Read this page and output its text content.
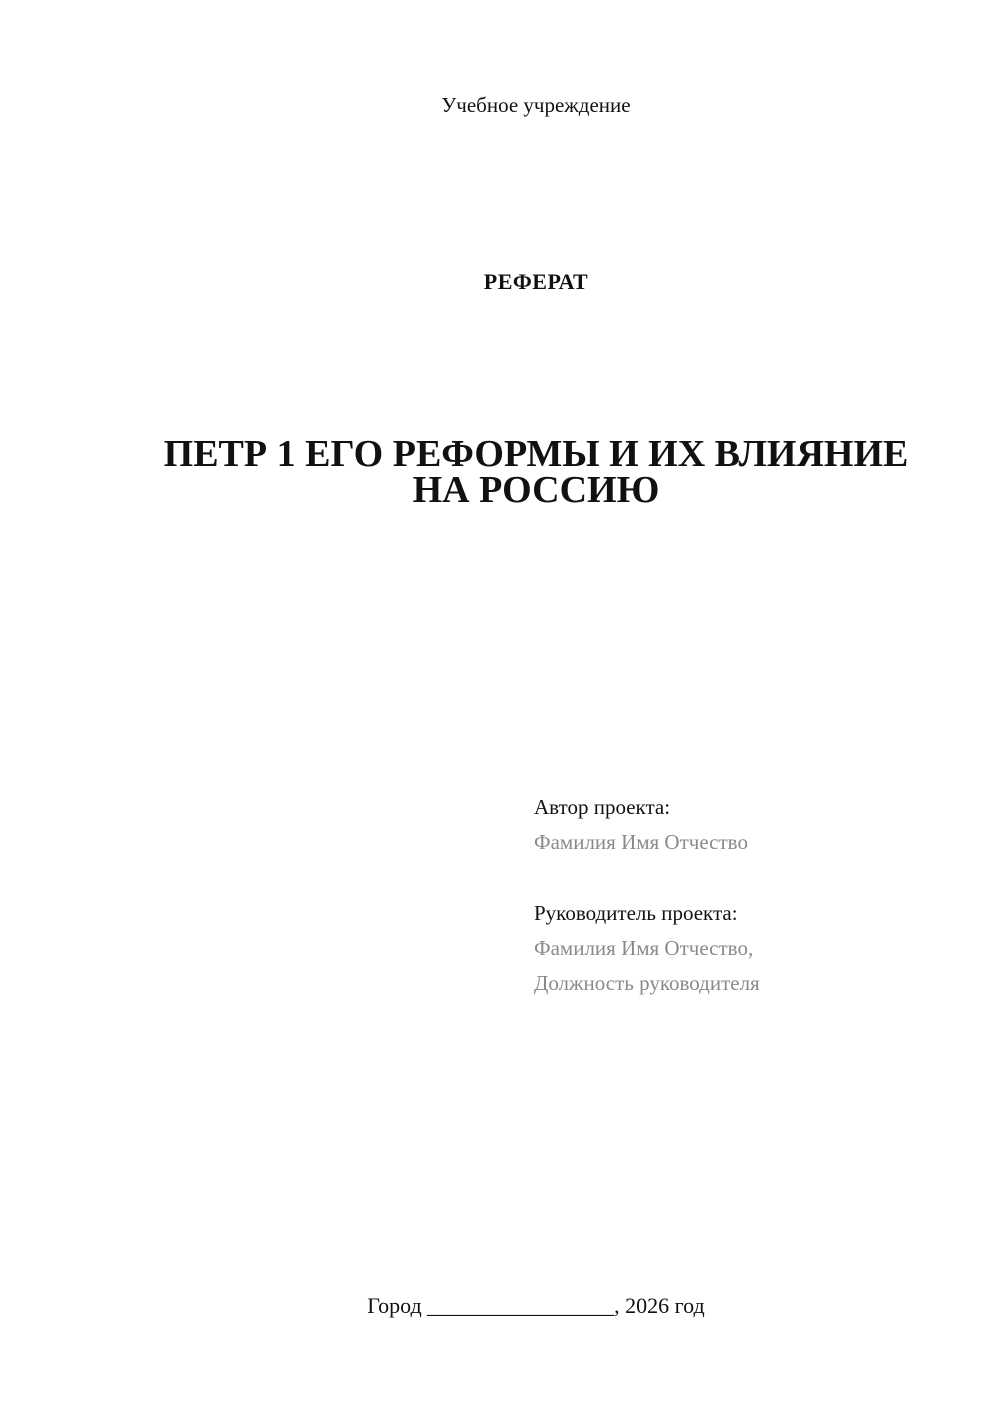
Учебное учреждение
РЕФЕРАТ
ПЕТР 1 ЕГО РЕФОРМЫ И ИХ ВЛИЯНИЕ
НА РОССИЮ
Автор проекта:
Фамилия Имя Отчество
Руководитель проекта:
Фамилия Имя Отчество,
Должность руководителя
Город _________________, 2026 год
